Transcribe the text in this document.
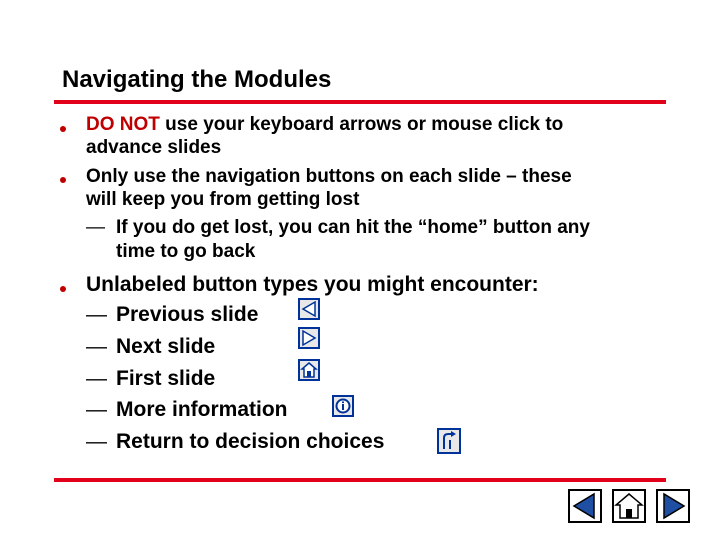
Navigating the Modules
DO NOT use your keyboard arrows or mouse click to
advance slides
Only use the navigation buttons on each slide – these
will keep you from getting lost
— If you do get lost, you can hit the “home” button any
time to go back
Unlabeled button types you might encounter:
— Previous slide
— Next slide
— First slide
— More information
— Return to decision choices
